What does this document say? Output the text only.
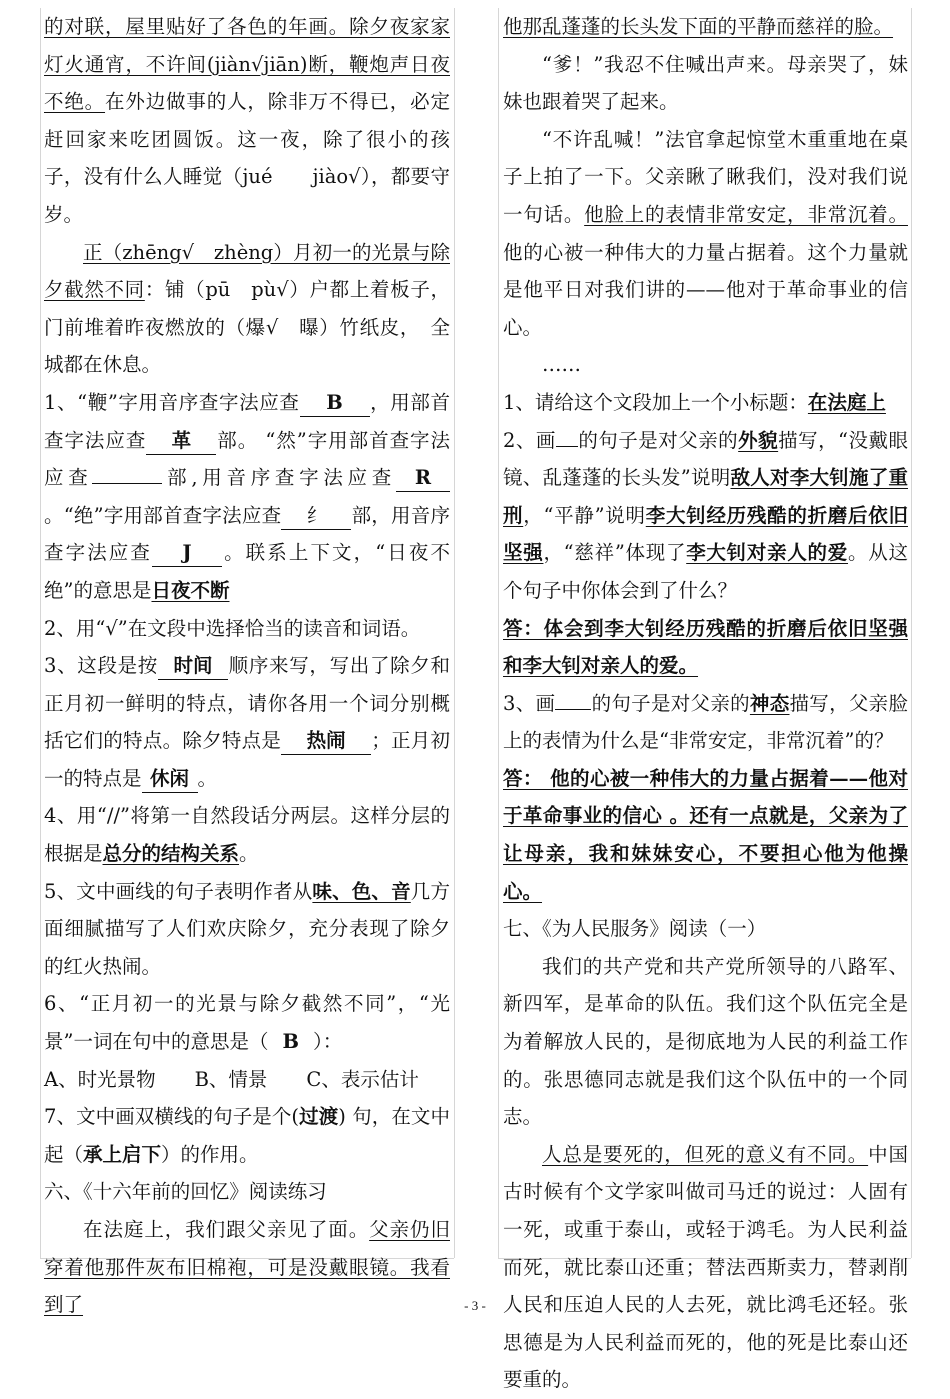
的对联，屋里贴好了各色的年画。除夕夜家家灯火通宵，不许间(jiàn√jiān)断，鞭炮声日夜不绝。在外边做事的人，除非万不得已，必定赶回家来吃团圆饭。这一夜，除了很小的孩子，没有什么人睡觉（jué　　jiào√），都要守岁。

正（zhēng√　zhèng）月初一的光景与除夕截然不同：铺（pū　pù√）户都上着板子，门前堆着昨夜燃放的（爆√　曝）竹纸皮，　全城都在休息。

1、“鞭”字用音序查字法应查 B ，用部首查字法应查 革 部。 “然”字用部首查字法应查	部,用音序查字法应查 R。“绝”字用部首查字法应查 纟 部，用音序查字法应查 J 。联系上下文，“日夜不绝”的意思是日夜不断

2、用“√”在文段中选择恰当的读音和词语。

3、这段是按 时间 顺序来写，写出了除夕和正月初一鲜明的特点，请你各用一个词分别概括它们的特点。除夕特点是 热闹 ；正月初一的特点是 休闲 。

4、用“//”将第一自然段话分两层。这样分层的根据是总分的结构关系。

5、文中画线的句子表明作者从味、色、音几方面细腻描写了人们欢庆除夕，充分表现了除夕的红火热闹。

6、“正月初一的光景与除夕截然不同”，“光景”一词在句中的意思是（ B ）：

A、时光景物　　B、情景　　C、表示估计

7、文中画双横线的句子是个(过渡) 句，在文中起（承上启下）的作用。

六、《十六年前的回忆》阅读练习

在法庭上，我们跟父亲见了面。父亲仍旧穿着他那件灰布旧棉袍，可是没戴眼镜。我看到了

他那乱蓬蓬的长头发下面的平静而慈祥的脸。

“爹！”我忍不住喊出声来。母亲哭了，妹妹也跟着哭了起来。

“不许乱喊！”法官拿起惊堂木重重地在桌子上拍了一下。父亲瞅了瞅我们，没对我们说一句话。他脸上的表情非常安定，非常沉着。他的心被一种伟大的力量占据着。这个力量就是他平日对我们讲的——他对于革命事业的信心。

……

1、请给这个文段加上一个小标题：在法庭上

2、画 的句子是对父亲的外貌描写，“没戴眼镜、乱蓬蓬的长头发”说明敌人对李大钊施了重刑，“平静”说明李大钊经历残酷的折磨后依旧坚强，“慈祥”体现了李大钊对亲人的爱。从这个句子中你体会到了什么？

答：体会到李大钊经历残酷的折磨后依旧坚强和李大钊对亲人的爱。

3、画 的句子是对父亲的神态描写，父亲脸上的表情为什么是“非常安定，非常沉着”的？

答： 他的心被一种伟大的力量占据着——他对于革命事业的信心 。还有一点就是，父亲为了让母亲，我和妹妹安心，不要担心他为他操心。

七、《为人民服务》阅读（一）

我们的共产党和共产党所领导的八路军、新四军，是革命的队伍。我们这个队伍完全是为着解放人民的，是彻底地为人民的利益工作的。张思德同志就是我们这个队伍中的一个同志。

人总是要死的，但死的意义有不同。中国古时候有个文学家叫做司马迁的说过：人固有一死，或重于泰山，或轻于鸿毛。为人民利益而死，就比泰山还重；替法西斯卖力，替剥削人民和压迫人民的人去死，就比鸿毛还轻。张思德是为人民利益而死的，他的死是比泰山还要重的。

- 3 -
